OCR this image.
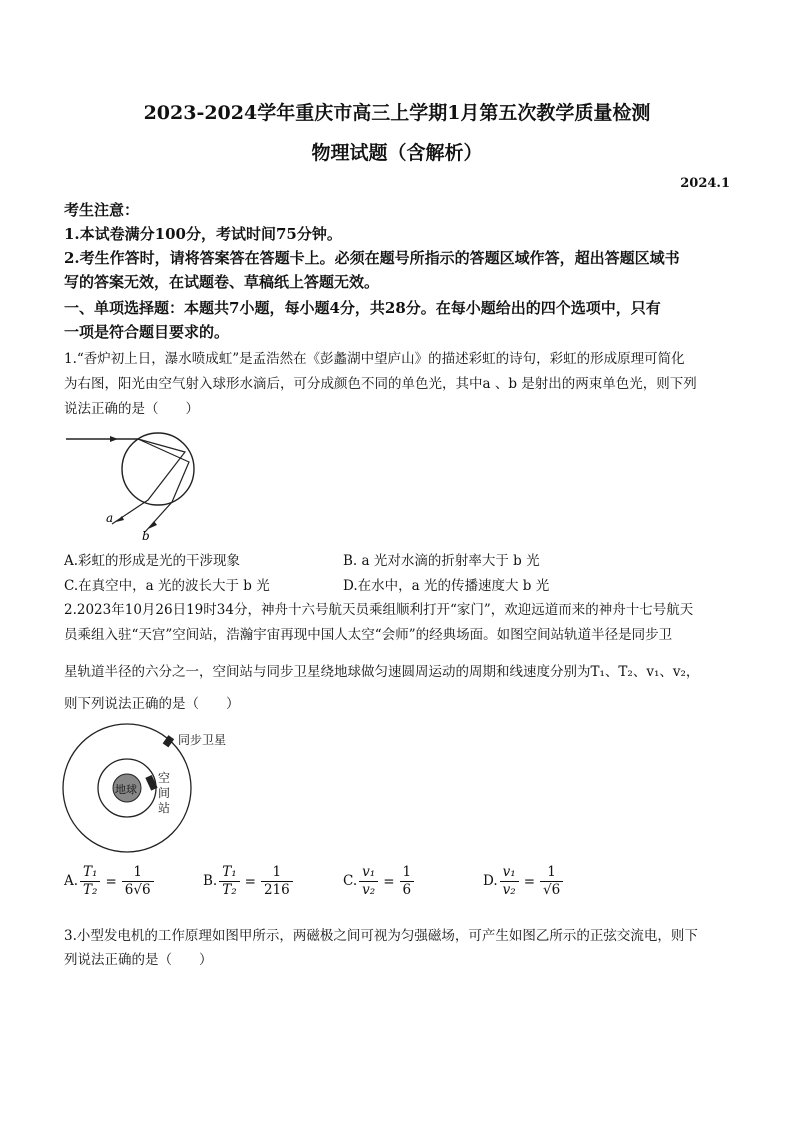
2023-2024学年重庆市高三上学期1月第五次教学质量检测
物理试题（含解析）
2024.1
考生注意：
1.本试卷满分100分，考试时间75分钟。
2.考生作答时，请将答案答在答题卡上。必须在题号所指示的答题区域作答，超出答题区域书
写的答案无效，在试题卷、草稿纸上答题无效。
一、单项选择题：本题共7小题，每小题4分，共28分。在每小题给出的四个选项中，只有
一项是符合题目要求的。
1.“香炉初上日，瀑水喷成虹”是孟浩然在《彭蠡湖中望庐山》的描述彩虹的诗句，彩虹的形成原理可简化
为右图，阳光由空气射入球形水滴后，可分成颜色不同的单色光，其中a 、b 是射出的两束单色光，则下列
说法正确的是（　　）
a
b
A.彩虹的形成是光的干涉现象	B. a 光对水滴的折射率大于 b 光
C.在真空中，a 光的波长大于 b 光	D.在水中，a 光的传播速度大 b 光
2.2023年10月26日19时34分，神舟十六号航天员乘组顺利打开“家门”，欢迎远道而来的神舟十七号航天
员乘组入驻“天宫”空间站，浩瀚宇宙再现中国人太空“会师”的经典场面。如图空间站轨道半径是同步卫
星轨道半径的六分之一，空间站与同步卫星绕地球做匀速圆周运动的周期和线速度分别为T₁、T₂、v₁、v₂，
则下列说法正确的是（　　）
地球
同步卫星
空
间
站
A. $\frac{\text{T₁}}{\text{T₂}} = \frac{1}{6√6}$	B. $\frac{\text{T₁}}{\text{T₂}} = \frac{1}{216}$	C. $\frac{\text{v₁}}{\text{v₂}} = \frac{1}{6}$	D. $\frac{\text{v₁}}{\text{v₂}} = \frac{1}{√6}$
3.小型发电机的工作原理如图甲所示，两磁极之间可视为匀强磁场，可产生如图乙所示的正弦交流电，则下
列说法正确的是（　　）
